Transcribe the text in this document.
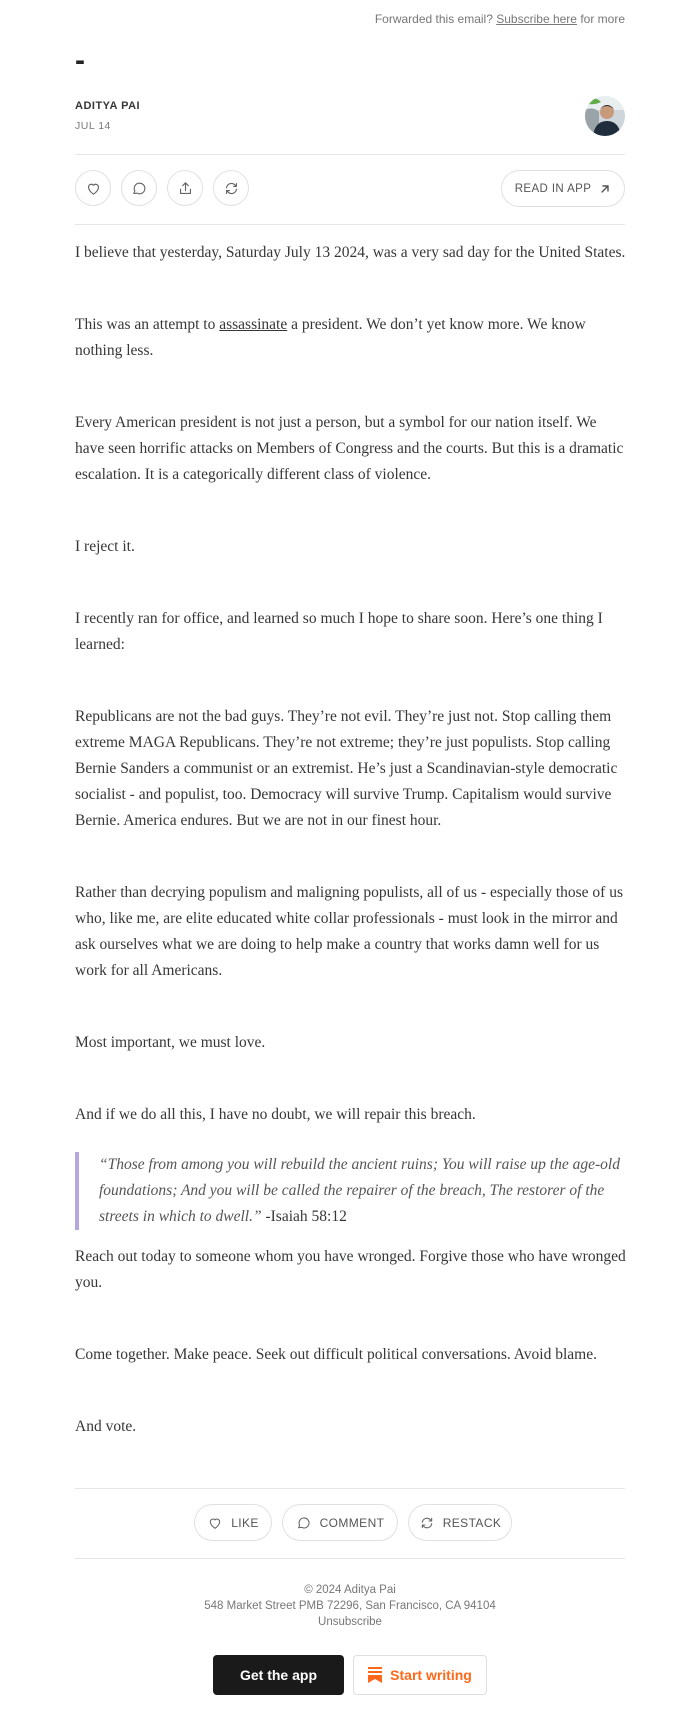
Forwarded this email? Subscribe here for more
-
ADITYA PAI
JUL 14
READ IN APP

I believe that yesterday, Saturday July 13 2024, was a very sad day for the United States.

This was an attempt to assassinate a president. We don’t yet know more. We know nothing less.

Every American president is not just a person, but a symbol for our nation itself. We have seen horrific attacks on Members of Congress and the courts. But this is a dramatic escalation. It is a categorically different class of violence.

I reject it.

I recently ran for office, and learned so much I hope to share soon. Here’s one thing I learned:

Republicans are not the bad guys. They’re not evil. They’re just not. Stop calling them extreme MAGA Republicans. They’re not extreme; they’re just populists. Stop calling Bernie Sanders a communist or an extremist. He’s just a Scandinavian-style democratic socialist - and populist, too. Democracy will survive Trump. Capitalism would survive Bernie. America endures. But we are not in our finest hour.

Rather than decrying populism and maligning populists, all of us - especially those of us who, like me, are elite educated white collar professionals - must look in the mirror and ask ourselves what we are doing to help make a country that works damn well for us work for all Americans.

Most important, we must love.

And if we do all this, I have no doubt, we will repair this breach.

“Those from among you will rebuild the ancient ruins; You will raise up the age-old foundations; And you will be called the repairer of the breach, The restorer of the streets in which to dwell.” -Isaiah 58:12

Reach out today to someone whom you have wronged. Forgive those who have wronged you.

Come together. Make peace. Seek out difficult political conversations. Avoid blame.

And vote.

LIKE	COMMENT	RESTACK
© 2024 Aditya Pai
548 Market Street PMB 72296, San Francisco, CA 94104
Unsubscribe
Get the app	Start writing
